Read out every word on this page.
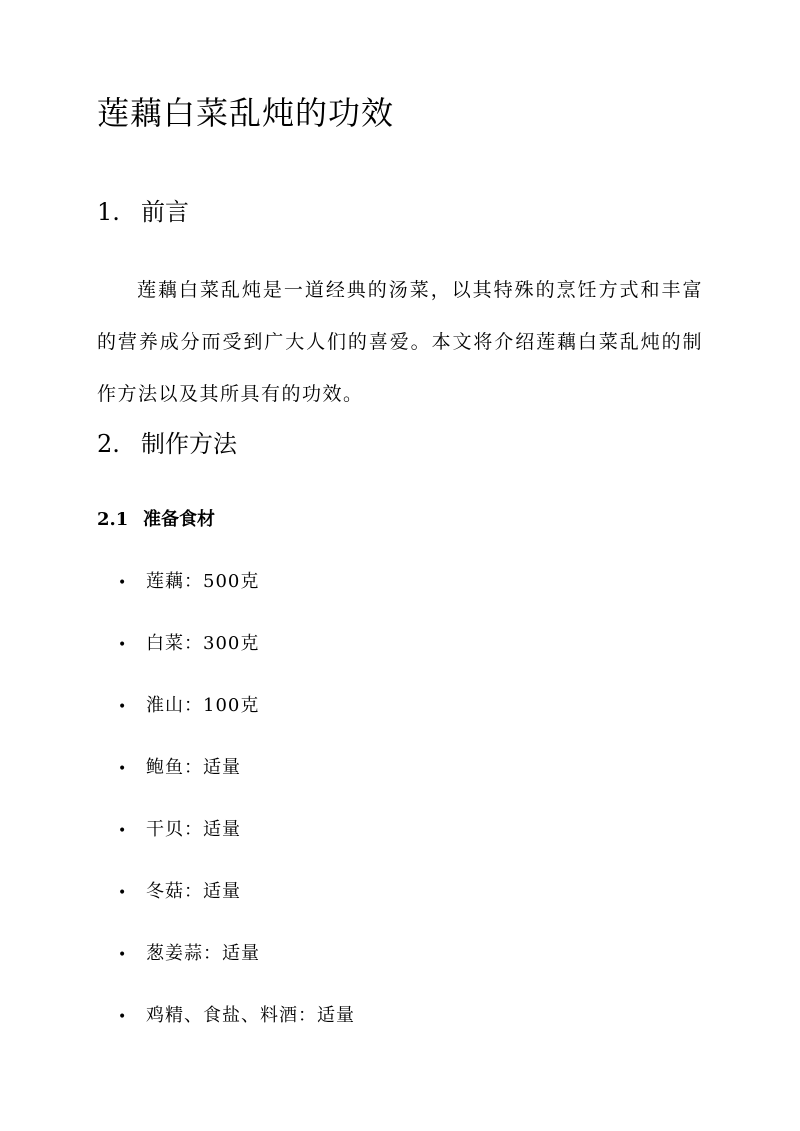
莲藕白菜乱炖的功效
1. 前言

莲藕白菜乱炖是一道经典的汤菜，以其特殊的烹饪方式和丰富的营养成分而受到广大人们的喜爱。本文将介绍莲藕白菜乱炖的制作方法以及其所具有的功效。

2. 制作方法
2.1 准备食材
• 莲藕：500克
• 白菜：300克
• 淮山：100克
• 鲍鱼：适量
• 干贝：适量
• 冬菇：适量
• 葱姜蒜：适量
• 鸡精、食盐、料酒：适量
